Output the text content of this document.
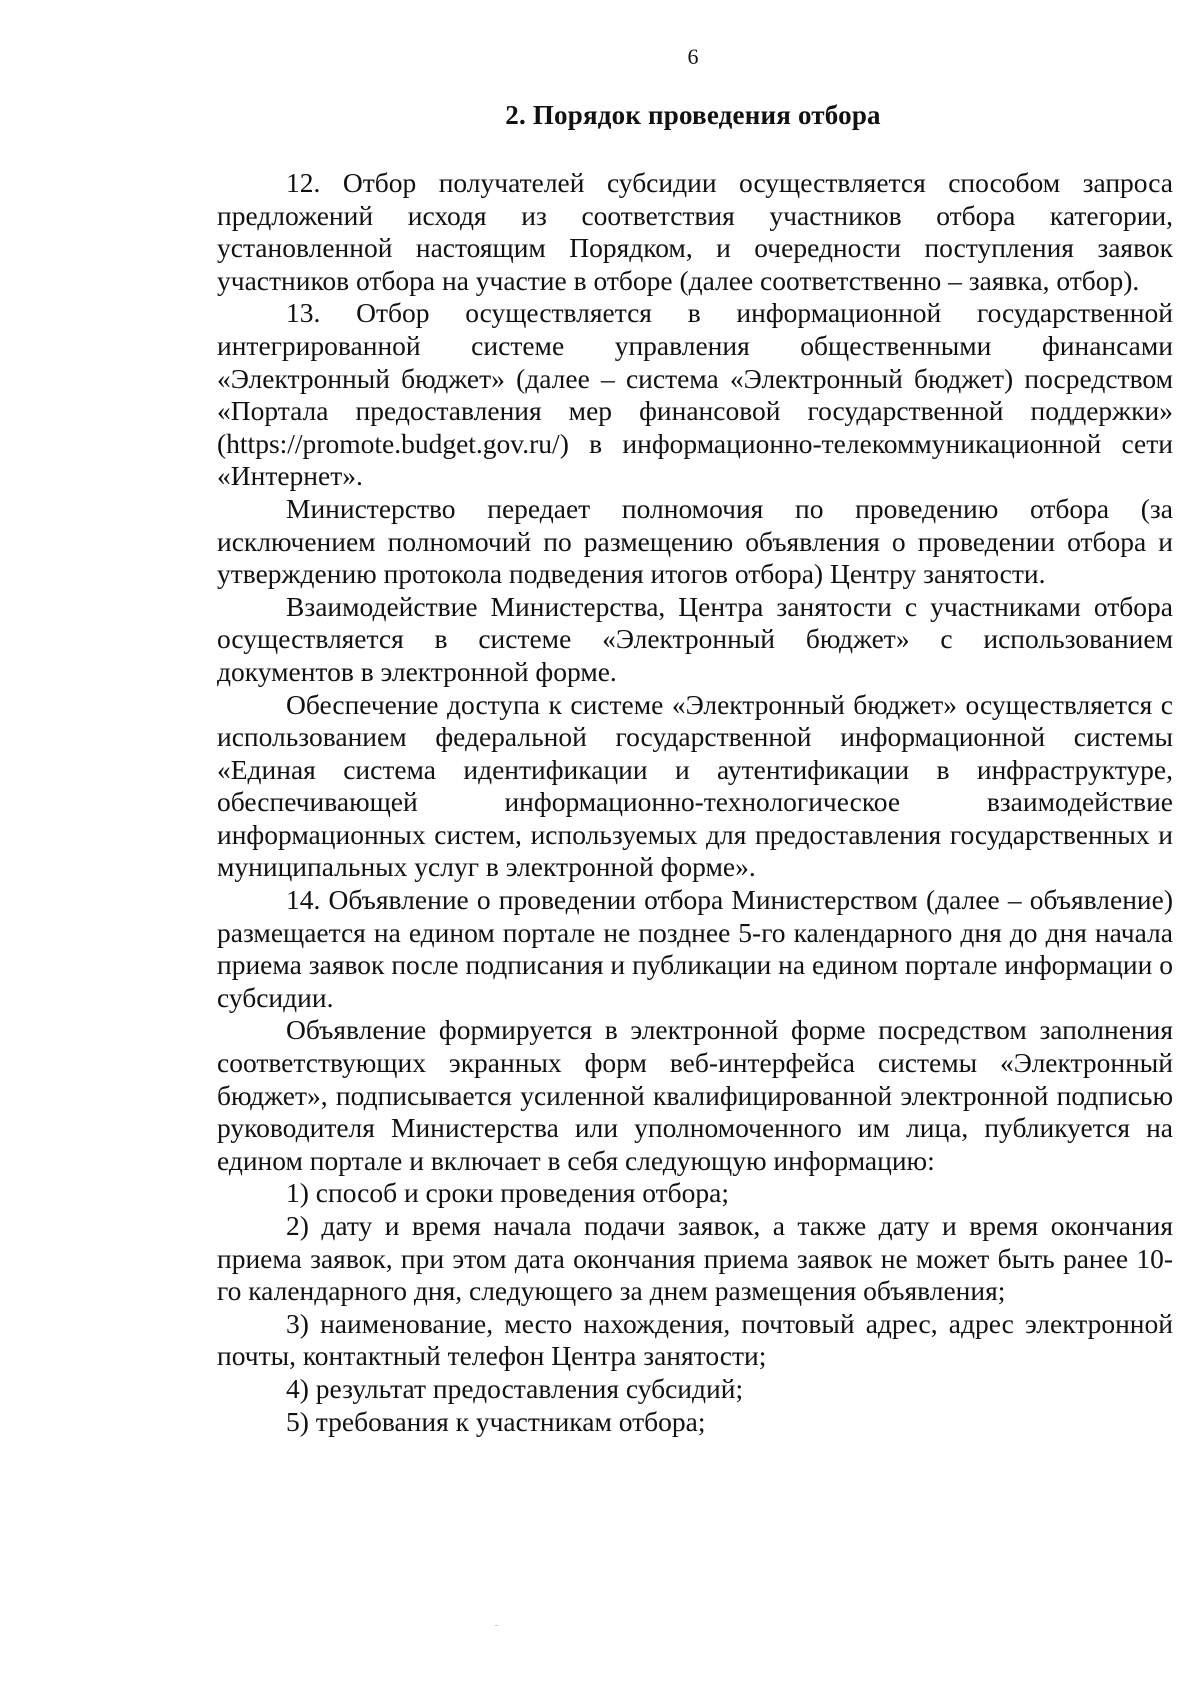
6
2. Порядок проведения отбора

12. Отбор получателей субсидии осуществляется способом запроса предложений исходя из соответствия участников отбора категории, установленной настоящим Порядком, и очередности поступления заявок участников отбора на участие в отборе (далее соответственно – заявка, отбор).

13. Отбор осуществляется в информационной государственной интегрированной системе управления общественными финансами «Электронный бюджет» (далее – система «Электронный бюджет) посредством «Портала предоставления мер финансовой государственной поддержки» (https://promote.budget.gov.ru/) в информационно-телекоммуникационной сети «Интернет».

Министерство передает полномочия по проведению отбора (за исключением полномочий по размещению объявления о проведении отбора и утверждению протокола подведения итогов отбора) Центру занятости.

Взаимодействие Министерства, Центра занятости с участниками отбора осуществляется в системе «Электронный бюджет» с использованием документов в электронной форме.

Обеспечение доступа к системе «Электронный бюджет» осуществляется с использованием федеральной государственной информационной системы «Единая система идентификации и аутентификации в инфраструктуре, обеспечивающей информационно-технологическое взаимодействие информационных систем, используемых для предоставления государственных и муниципальных услуг в электронной форме».

14. Объявление о проведении отбора Министерством (далее – объявление) размещается на едином портале не позднее 5-го календарного дня до дня начала приема заявок после подписания и публикации на едином портале информации о субсидии.

Объявление формируется в электронной форме посредством заполнения соответствующих экранных форм веб-интерфейса системы «Электронный бюджет», подписывается усиленной квалифицированной электронной подписью руководителя Министерства или уполномоченного им лица, публикуется на едином портале и включает в себя следующую информацию:

1) способ и сроки проведения отбора;

2) дату и время начала подачи заявок, а также дату и время окончания приема заявок, при этом дата окончания приема заявок не может быть ранее 10-го календарного дня, следующего за днем размещения объявления;

3) наименование, место нахождения, почтовый адрес, адрес электронной почты, контактный телефон Центра занятости;

4) результат предоставления субсидий;

5) требования к участникам отбора;
